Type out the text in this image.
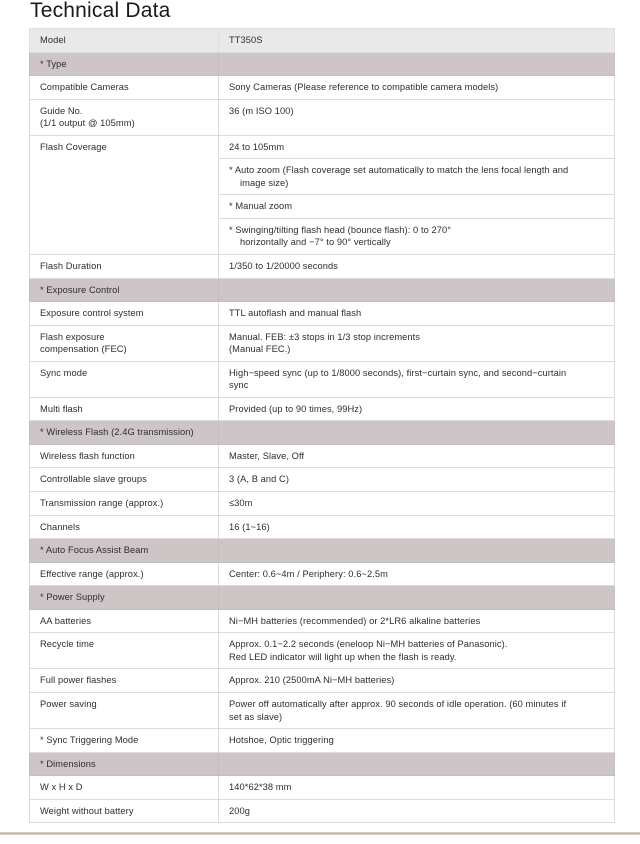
Technical Data
Model	TT350S
* Type	
Compatible Cameras	Sony Cameras (Please reference to compatible camera models)

Guide No.
(1/1 output @ 105mm)	36 (m ISO 100)
Flash Coverage	24 to 105mm

	* Auto zoom (Flash coverage set automatically to match the lens focal length and
image size)

	* Manual zoom

	* Swinging/tilting flash head (bounce flash): 0 to 270°
horizontally and −7° to 90° vertically

Flash Duration	1/350 to 1/20000 seconds
* Exposure Control	
Exposure control system	TTL autoflash and manual flash

Flash exposure
compensation (FEC)	Manual. FEB: ±3 stops in 1/3 stop increments
(Manual FEC.)

Sync mode	High−speed sync (up to 1/8000 seconds), first−curtain sync, and second−curtain
sync

Multi flash	Provided (up to 90 times, 99Hz)
* Wireless Flash (2.4G transmission)	
Wireless flash function	Master, Slave, Off
Controllable slave groups	3 (A, B and C)
Transmission range (approx.)	≤30m
Channels	16 (1~16)
* Auto Focus Assist Beam	
Effective range (approx.)	Center: 0.6~4m / Periphery: 0.6~2.5m
* Power Supply	
AA batteries	Ni−MH batteries (recommended) or 2*LR6 alkaline batteries
Recycle time	Approx. 0.1−2.2 seconds (eneloop Ni−MH batteries of Panasonic).
Red LED indicator will light up when the flash is ready.

Full power flashes	Approx. 210 (2500mA Ni−MH batteries)
Power saving	Power off automatically after approx. 90 seconds of idle operation. (60 minutes if
set as slave)

* Sync Triggering Mode	Hotshoe, Optic triggering
* Dimensions	
W x H x D	140*62*38 mm
Weight without battery	200g
